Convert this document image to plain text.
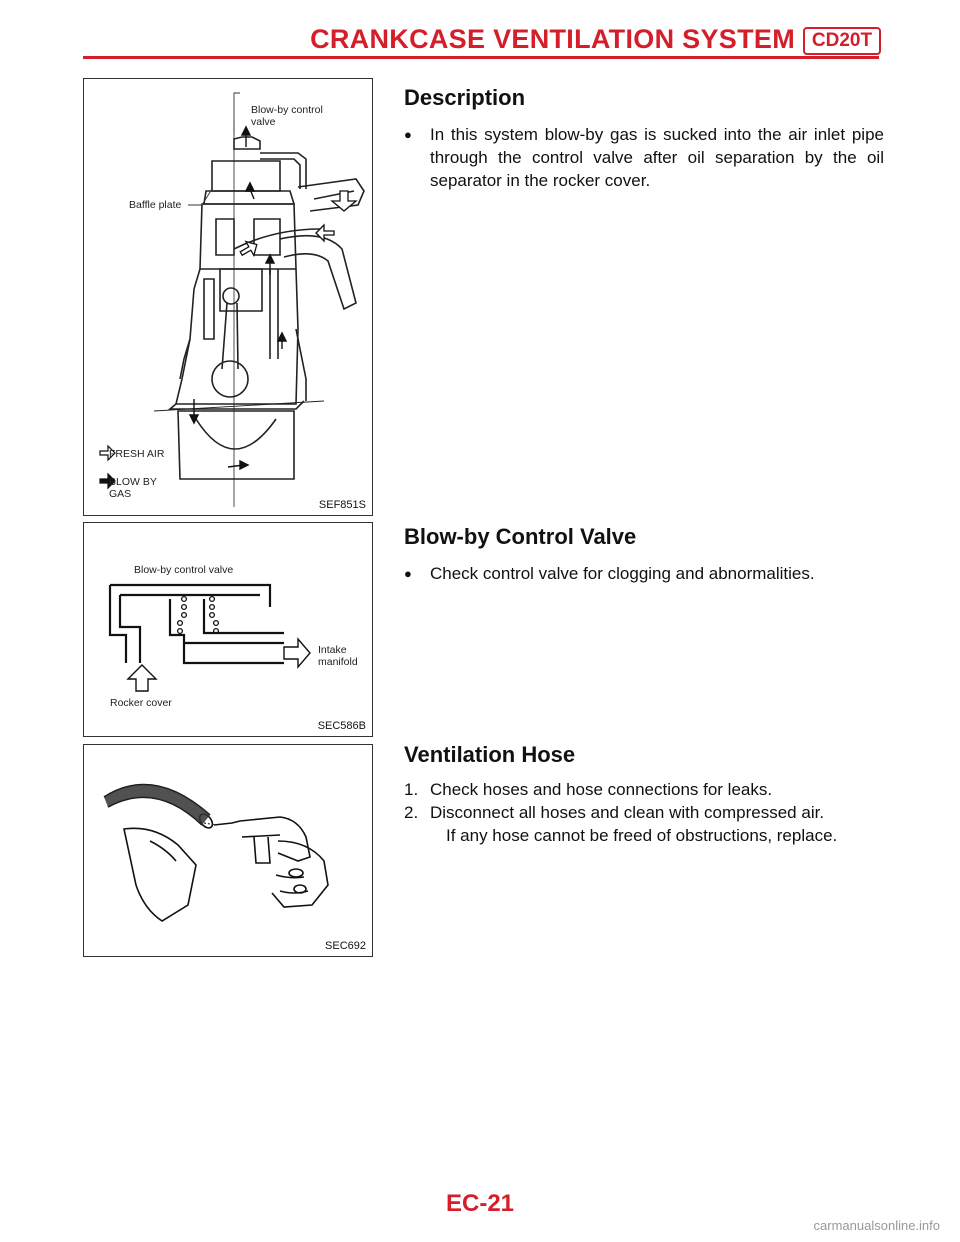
CRANKCASE VENTILATION SYSTEM CD20T
Blow-by control valve
Baffle plate
FRESH AIR
BLOW BY GAS
SEF851S
Blow-by control valve
Intake manifold
Rocker cover
SEC586B
SEC692
Description
●	In this system blow-by gas is sucked into the air inlet pipe through the control valve after oil separation by the oil separator in the rocker cover.
Blow-by Control Valve
●	Check control valve for clogging and abnormalities.
Ventilation Hose
1. Check hoses and hose connections for leaks.
2. Disconnect all hoses and clean with compressed air.
If any hose cannot be freed of obstructions, replace.
EC-21
carmanualsonline.info
